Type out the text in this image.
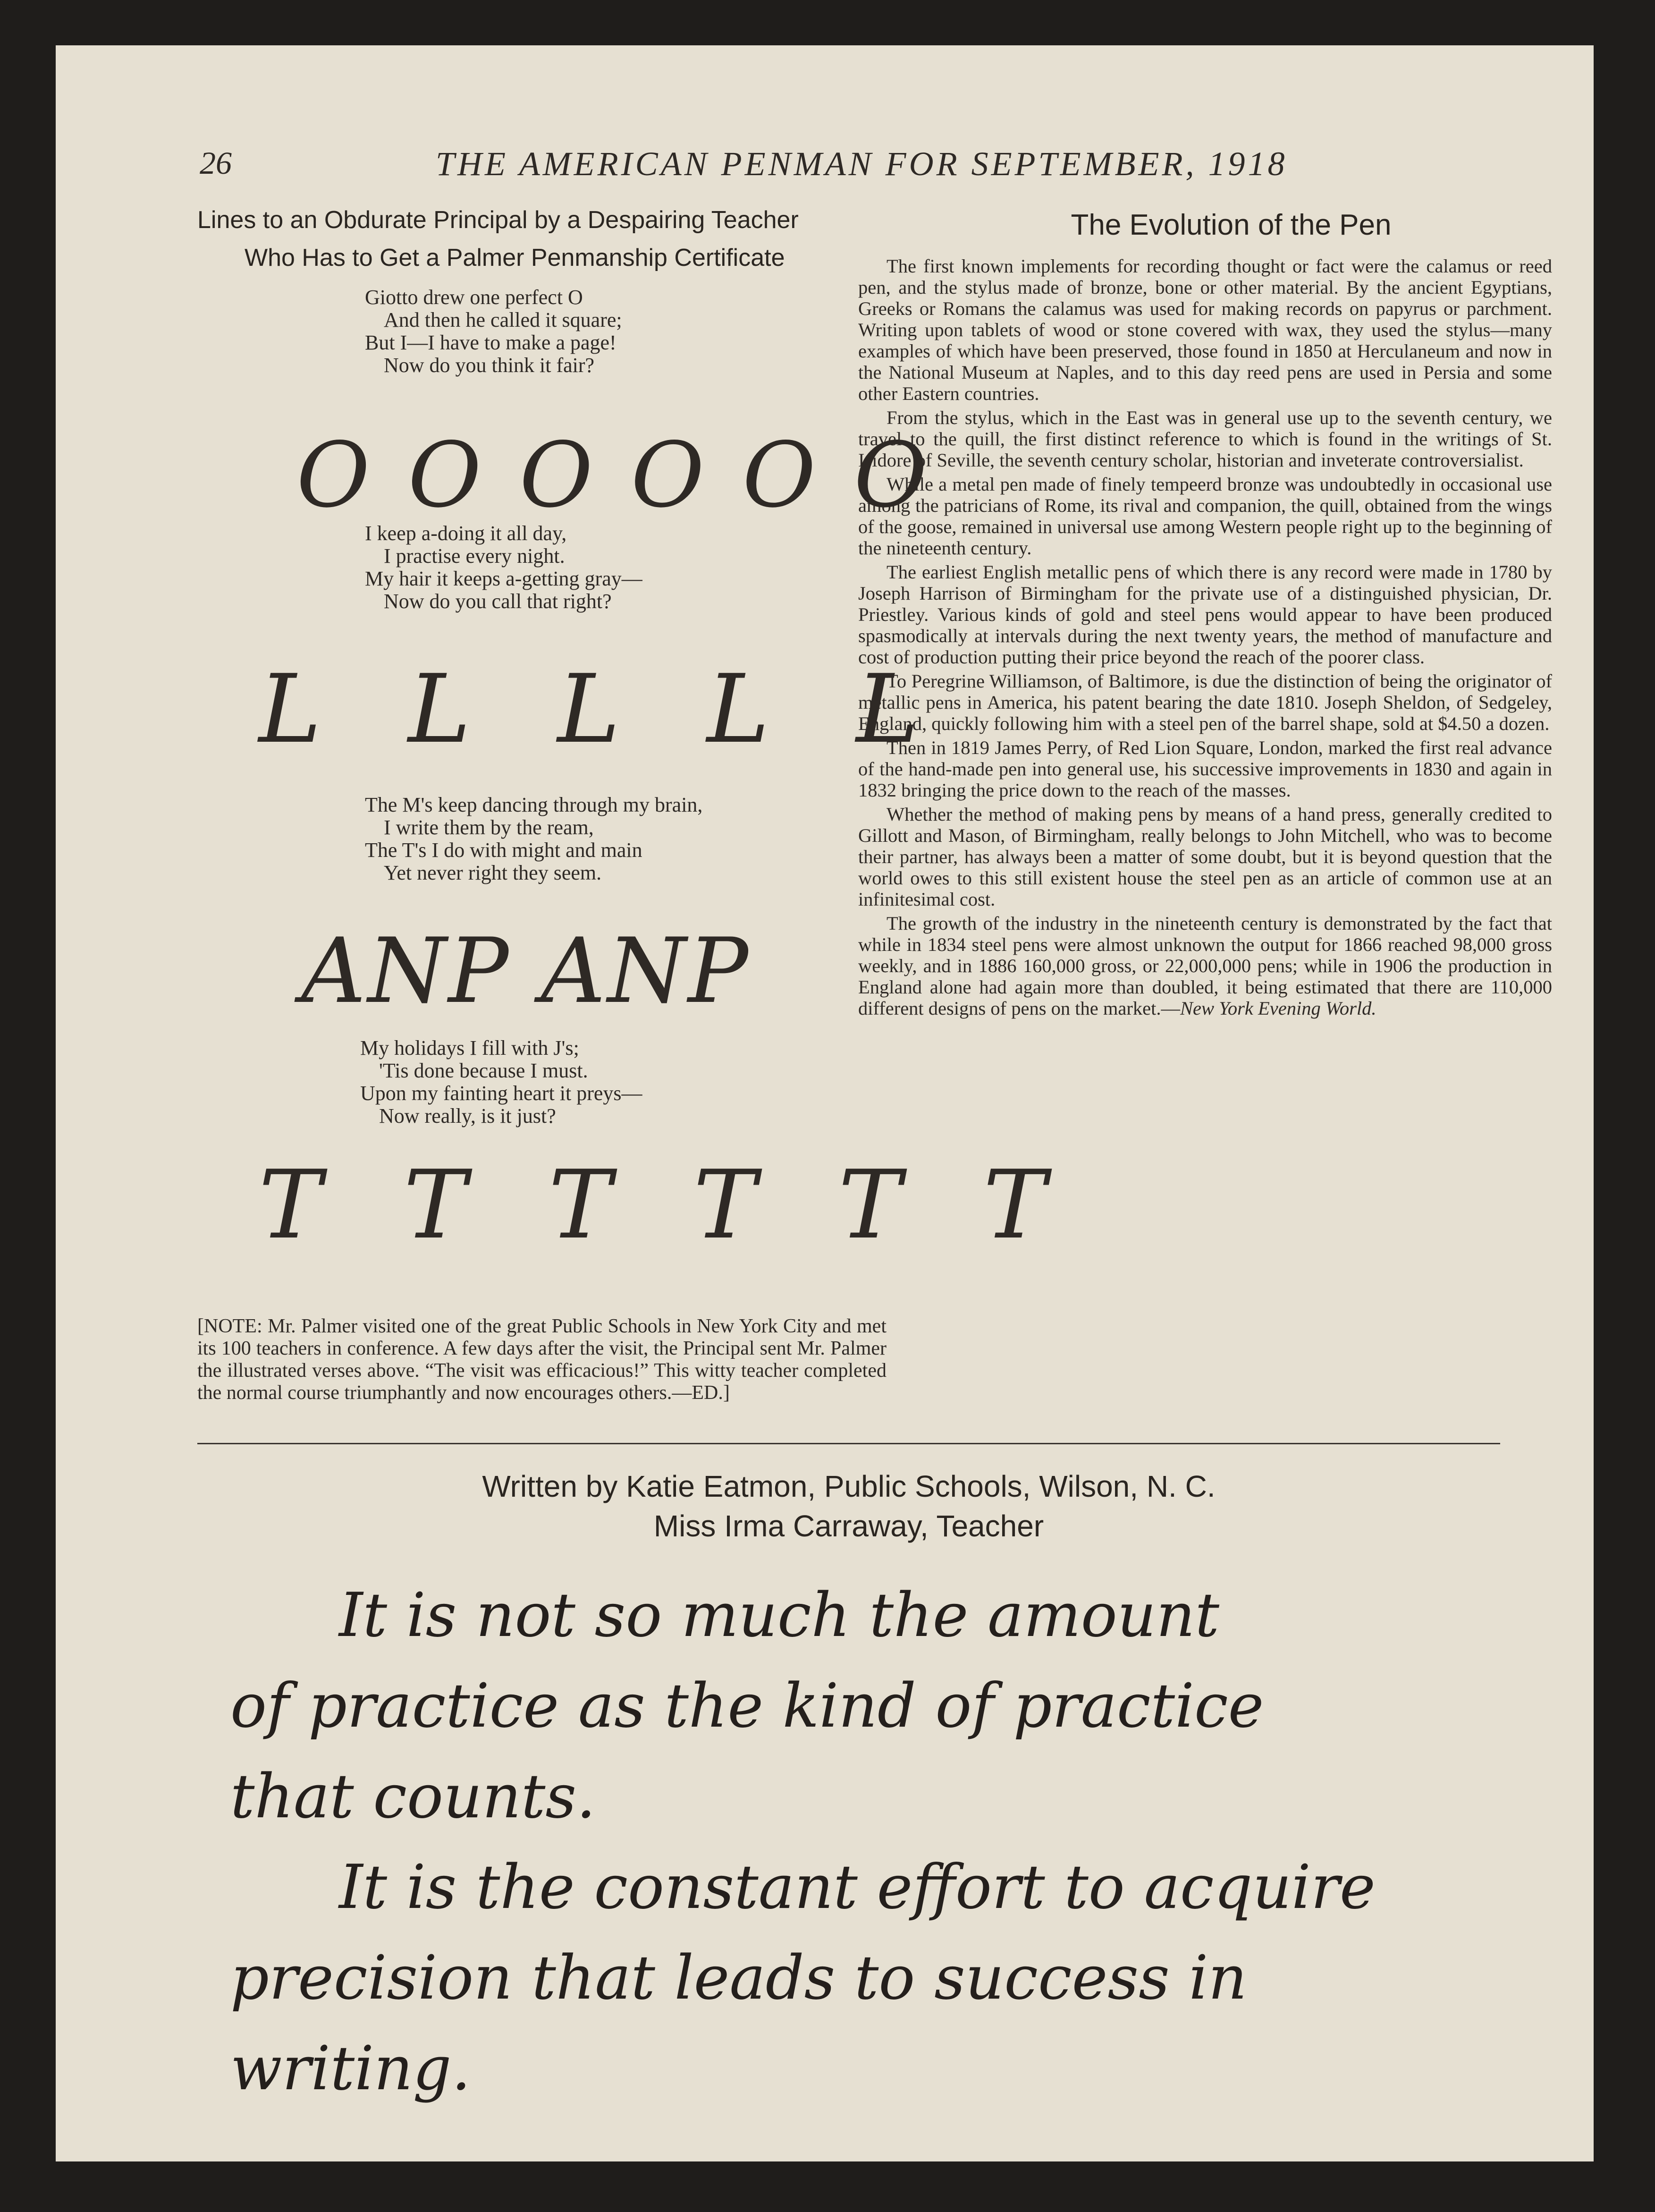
26	THE AMERICAN PENMAN FOR SEPTEMBER, 1918
Lines to an Obdurate Principal by a Despairing Teacher
Who Has to Get a Palmer Penmanship Certificate
Giotto drew one perfect O
And then he called it square;
But I—I have to make a page!
Now do you think it fair?
O O O O O O
I keep a-doing it all day,
I practise every night.
My hair it keeps a-getting gray—
Now do you call that right?
L L L L L
The M's keep dancing through my brain,
I write them by the ream,
The T's I do with might and main
Yet never right they seem.
ANP ANP
My holidays I fill with J's;
'Tis done because I must.
Upon my fainting heart it preys—
Now really, is it just?
T T T T T T
[NOTE: Mr. Palmer visited one of the great Public Schools in New York City and met its 100 teachers in conference. A few days after the visit, the Principal sent Mr. Palmer the illustrated verses above. “The visit was efficacious!” This witty teacher completed the normal course triumphantly and now encourages others.—ED.]
The Evolution of the Pen

The first known implements for recording thought or fact were the calamus or reed pen, and the stylus made of bronze, bone or other material. By the ancient Egyptians, Greeks or Romans the calamus was used for making records on papyrus or parchment. Writing upon tablets of wood or stone covered with wax, they used the stylus—many examples of which have been preserved, those found in 1850 at Herculaneum and now in the National Museum at Naples, and to this day reed pens are used in Persia and some other Eastern countries.

From the stylus, which in the East was in general use up to the seventh century, we travel to the quill, the first distinct reference to which is found in the writings of St. Isidore of Seville, the seventh century scholar, historian and inveterate controversialist.

While a metal pen made of finely tempeerd bronze was undoubtedly in occasional use among the patricians of Rome, its rival and companion, the quill, obtained from the wings of the goose, remained in universal use among Western people right up to the beginning of the nineteenth century.

The earliest English metallic pens of which there is any record were made in 1780 by Joseph Harrison of Birmingham for the private use of a distinguished physician, Dr. Priestley. Various kinds of gold and steel pens would appear to have been produced spasmodically at intervals during the next twenty years, the method of manufacture and cost of production putting their price beyond the reach of the poorer class.

To Peregrine Williamson, of Baltimore, is due the distinction of being the originator of metallic pens in America, his patent bearing the date 1810. Joseph Sheldon, of Sedgeley, England, quickly following him with a steel pen of the barrel shape, sold at $4.50 a dozen.

Then in 1819 James Perry, of Red Lion Square, London, marked the first real advance of the hand-made pen into general use, his successive improvements in 1830 and again in 1832 bringing the price down to the reach of the masses.

Whether the method of making pens by means of a hand press, generally credited to Gillott and Mason, of Birmingham, really belongs to John Mitchell, who was to become their partner, has always been a matter of some doubt, but it is beyond question that the world owes to this still existent house the steel pen as an article of common use at an infinitesimal cost.

The growth of the industry in the nineteenth century is demonstrated by the fact that while in 1834 steel pens were almost unknown the output for 1866 reached 98,000 gross weekly, and in 1886 160,000 gross, or 22,000,000 pens; while in 1906 the production in England alone had again more than doubled, it being estimated that there are 110,000 different designs of pens on the market.—New York Evening World.

Written by Katie Eatmon, Public Schools, Wilson, N. C.
Miss Irma Carraway, Teacher
It is not so much the amount
of practice as the kind of practice
that counts.
It is the constant effort to acquire
precision that leads to success in
writing.
